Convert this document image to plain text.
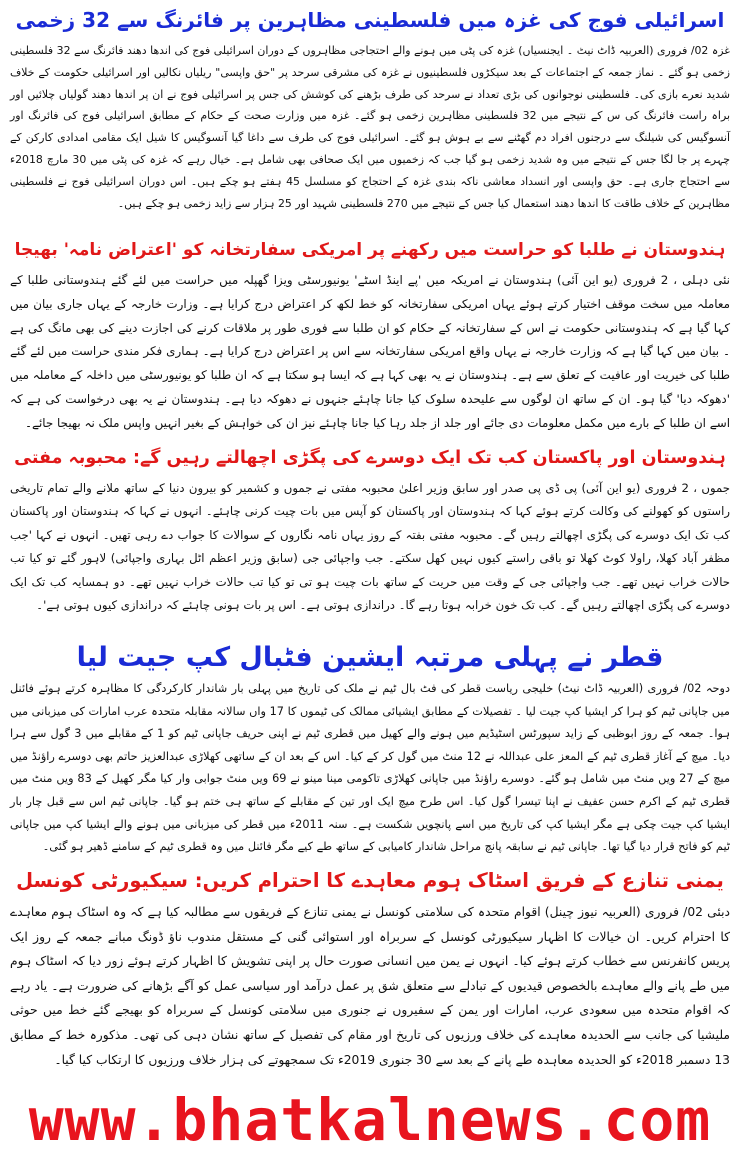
اسرائیلی فوج کی غزہ میں فلسطینی مظاہرین پر فائرنگ سے 32 زخمی

غزہ 02/ فروری (العربیہ ڈاٹ نیٹ ۔ ایجنسیاں) غزہ کی پٹی میں ہونے والے احتجاجی مظاہروں کے دوران اسرائیلی فوج کی اندھا دھند فائرنگ سے 32 فلسطینی زخمی ہو گئے ۔ نماز جمعہ کے اجتماعات کے بعد سیکڑوں فلسطینیوں نے غزہ کی مشرقی سرحد پر "حق واپسی" ریلیاں نکالیں اور اسرائیلی حکومت کے خلاف شدید نعرے بازی کی۔ فلسطینی نوجوانوں کی بڑی تعداد نے سرحد کی طرف بڑھنے کی کوشش کی جس پر اسرائیلی فوج نے ان پر اندھا دھند گولیاں چلائیں اور براہ راست فائرنگ کی س کے نتیجے میں 32 فلسطینی مظاہرین زخمی ہو گئے۔ غزہ میں وزارت صحت کے حکام کے مطابق اسرائیلی فوج کی فائرنگ اور آنسوگیس کی شیلنگ سے درجنوں افراد دم گھٹنے سے بے ہوش ہو گئے۔ اسرائیلی فوج کی طرف سے داغا گیا آنسوگیس کا شیل ایک مقامی امدادی کارکن کے چہرے پر جا لگا جس کے نتیجے میں وہ شدید زخمی ہو گیا جب کہ زخمیوں میں ایک صحافی بھی شامل ہے۔ خیال رہے کہ غزہ کی پٹی میں 30 مارچ 2018ء سے احتجاج جاری ہے۔ حق واپسی اور انسداد معاشی ناکہ بندی غزہ کے احتجاج کو مسلسل 45 ہفتے ہو چکے ہیں۔ اس دوران اسرائیلی فوج نے فلسطینی مظاہرین کے خلاف طاقت کا اندھا دھند استعمال کیا جس کے نتیجے میں 270 فلسطینی شہید اور 25 ہزار سے زاید زخمی ہو چکے ہیں۔

ہندوستان نے طلبا کو حراست میں رکھنے پر امریکی سفارتخانہ کو 'اعتراض نامہ' بھیجا

نئی دہلی ، 2 فروری (یو این آئی) ہندوستان نے امریکہ میں 'پے اینڈ اسٹے' یونیورسٹی ویزا گھپلہ میں حراست میں لئے گئے ہندوستانی طلبا کے معاملہ میں سخت موقف اختیار کرتے ہوئے یہاں امریکی سفارتخانہ کو خط لکھ کر اعتراض درج کرایا ہے۔ وزارت خارجہ کے یہاں جاری بیان میں کہا گیا ہے کہ ہندوستانی حکومت نے اس کے سفارتخانہ کے حکام کو ان طلبا سے فوری طور پر ملاقات کرنے کی اجازت دینے کی بھی مانگ کی ہے ۔ بیان میں کہا گیا ہے کہ وزارت خارجہ نے یہاں واقع امریکی سفارتخانہ سے اس پر اعتراض درج کرایا ہے۔ ہماری فکر مندی حراست میں لئے گئے طلبا کی خیریت اور عافیت کے تعلق سے ہے۔ ہندوستان نے یہ بھی کہا ہے کہ ایسا ہو سکتا ہے کہ ان طلبا کو یونیورسٹی میں داخلہ کے معاملہ میں 'دھوکہ دیا' گیا ہو۔ ان کے ساتھ ان لوگوں سے علیحدہ سلوک کیا جانا چاہئے جنہوں نے دھوکہ دیا ہے۔ ہندوستان نے یہ بھی درخواست کی ہے کہ اسے ان طلبا کے بارے میں مکمل معلومات دی جائے اور جلد از جلد رہا کیا جانا چاہئے نیز ان کی خواہش کے بغیر انہیں واپس ملک نہ بھیجا جائے۔

ہندوستان اور پاکستان کب تک ایک دوسرے کی پگڑی اچھالتے رہیں گے: محبوبہ مفتی

جموں ، 2 فروری (یو این آئی) پی ڈی پی صدر اور سابق وزیر اعلیٰ محبوبہ مفتی نے جموں و کشمیر کو بیرون دنیا کے ساتھ ملانے والے تمام تاریخی راستوں کو کھولنے کی وکالت کرتے ہوئے کہا کہ ہندوستان اور پاکستان کو آپس میں بات چیت کرنی چاہئے۔ انہوں نے کہا کہ ہندوستان اور پاکستان کب تک ایک دوسرے کی پگڑی اچھالتے رہیں گے۔ محبوبہ مفتی بفتہ کے روز یہاں نامہ نگاروں کے سوالات کا جواب دے رہی تھیں۔ انہوں نے کہا 'جب مظفر آباد کھلا، راولا کوٹ کھلا تو باقی راستے کیوں نہیں کھل سکتے۔ جب واجپائی جی (سابق وزیر اعظم اٹل بہاری واجپائی) لاہور گئے تو کیا تب حالات خراب نہیں تھے۔ جب واجپائی جی کے وقت میں حریت کے ساتھ بات چیت ہو تی تو کیا تب حالات خراب نہیں تھے۔ دو ہمسایہ کب تک ایک دوسرے کی پگڑی اچھالتے رہیں گے۔ کب تک خون خرابہ ہوتا رہے گا۔ دراندازی ہوتی ہے۔ اس پر بات ہونی چاہئے کہ دراندازی کیوں ہوتی ہے'۔

قطر نے پہلی مرتبہ ایشین فٹبال کپ جیت لیا

دوحہ 02/ فروری (العربیہ ڈاٹ نیٹ) خلیجی ریاست قطر کی فٹ بال ٹیم نے ملک کی تاریخ میں پہلی بار شاندار کارکردگی کا مظاہرہ کرتے ہوئے فائنل میں جاپانی ٹیم کو ہرا کر ایشیا کپ جیت لیا ۔ تفصیلات کے مطابق ایشیائی ممالک کی ٹیموں کا 17 واں سالانہ مقابلہ متحدہ عرب امارات کی میزبانی میں ہوا۔ جمعہ کے روز ابوظبی کے زاید سپورٹس اسٹیڈیم میں ہونے والے کھیل میں قطری ٹیم نے اپنی حریف جاپانی ٹیم کو 1 کے مقابلے میں 3 گول سے ہرا دیا۔ میچ کے آغاز قطری ٹیم کے المعز علی عبداللہ نے 12 منٹ میں گول کر کے کیا۔ اس کے بعد ان کے ساتھی کھلاڑی عبدالعزیز حاتم بھی دوسرے راؤنڈ میں میچ کے 27 ویں منٹ میں شامل ہو گئے۔ دوسرے راؤنڈ میں جاپانی کھلاڑی تاکومی مینا مینو نے 69 ویں منٹ جوابی وار کیا مگر کھیل کے 83 ویں منٹ میں قطری ٹیم کے اکرم حسن عفیف نے اپنا تیسرا گول کیا۔ اس طرح میچ ایک اور تین کے مقابلے کے ساتھ ہی ختم ہو گیا۔ جاپانی ٹیم اس سے قبل چار بار ایشیا کپ جیت چکی ہے مگر ایشیا کپ کی تاریخ میں اسے پانچویں شکست ہے۔ سنہ 2011ء میں قطر کی میزبانی میں ہونے والے ایشیا کپ میں جاپانی ٹیم کو فاتح قرار دیا گیا تھا۔ جاپانی ٹیم نے سابقہ پانچ مراحل شاندار کامیابی کے ساتھ طے کیے مگر فائنل میں وہ قطری ٹیم کے سامنے ڈھیر ہو گئی۔

یمنی تنازع کے فریق اسٹاک ہوم معاہدے کا احترام کریں: سیکیورٹی کونسل

دبئی 02/ فروری (العربیہ نیوز چینل) اقوام متحدہ کی سلامتی کونسل نے یمنی تنازع کے فریقوں سے مطالبہ کیا ہے کہ وہ اسٹاک ہوم معاہدے کا احترام کریں۔ ان خیالات کا اظہار سیکیورٹی کونسل کے سربراہ اور استوائی گنی کے مستقل مندوب ناؤ ڈونگ مبانے جمعہ کے روز ایک پریس کانفرنس سے خطاب کرتے ہوئے کیا۔ انہوں نے یمن میں انسانی صورت حال پر اپنی تشویش کا اظہار کرتے ہوئے زور دیا کہ اسٹاک ہوم میں طے پانے والے معاہدے بالخصوص قیدیوں کے تبادلے سے متعلق شق پر عمل درآمد اور سیاسی عمل کو آگے بڑھانے کی ضرورت ہے۔ یاد رہے کہ اقوام متحدہ میں سعودی عرب، امارات اور یمن کے سفیروں نے جنوری میں سلامتی کونسل کے سربراہ کو بھیجے گئے خط میں حوثی ملیشیا کی جانب سے الحدیدہ معاہدے کی خلاف ورزیوں کی تاریخ اور مقام کی تفصیل کے ساتھ نشان دہی کی تھی۔ مذکورہ خط کے مطابق 13 دسمبر 2018ء کو الحدیدہ معاہدہ طے پانے کے بعد سے 30 جنوری 2019ء تک سمجھوتے کی ہزار خلاف ورزیوں کا ارتکاب کیا گیا۔

www.bhatkalnews.com
